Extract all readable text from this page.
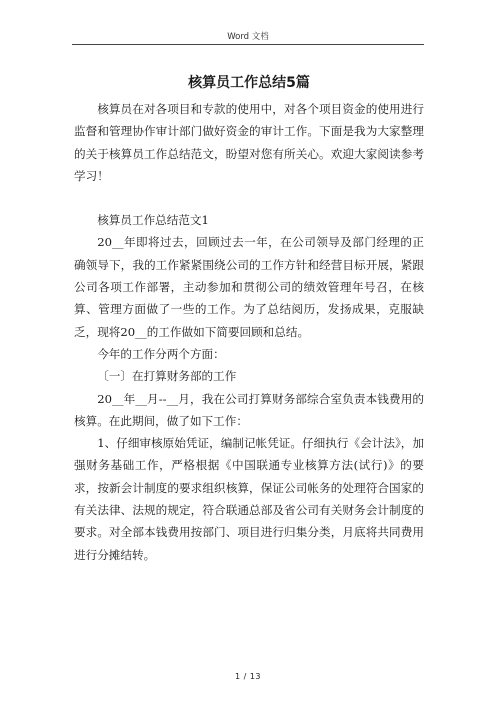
Word 文档
核算员工作总结5篇

核算员在对各项目和专款的使用中，对各个项目资金的使用进行监督和管理协作审计部门做好资金的审计工作。下面是我为大家整理的关于核算员工作总结范文，盼望对您有所关心。欢迎大家阅读参考学习！

核算员工作总结范文1

20__年即将过去，回顾过去一年，在公司领导及部门经理的正确领导下，我的工作紧紧围绕公司的工作方针和经营目标开展，紧跟公司各项工作部署，主动参加和贯彻公司的绩效管理年号召，在核算、管理方面做了一些的工作。为了总结阅历，发扬成果，克服缺乏，现将20__的工作做如下简要回顾和总结。

今年的工作分两个方面：

〔一〕在打算财务部的工作

20__年__月--__月，我在公司打算财务部综合室负责本钱费用的核算。在此期间，做了如下工作：

1、仔细审核原始凭证，编制记帐凭证。仔细执行《会计法》，加强财务基础工作，严格根据《中国联通专业核算方法(试行)》的要求，按新会计制度的要求组织核算，保证公司帐务的处理符合国家的有关法律、法规的规定，符合联通总部及省公司有关财务会计制度的要求。对全部本钱费用按部门、项目进行归集分类，月底将共同费用进行分摊结转。

1 / 13
